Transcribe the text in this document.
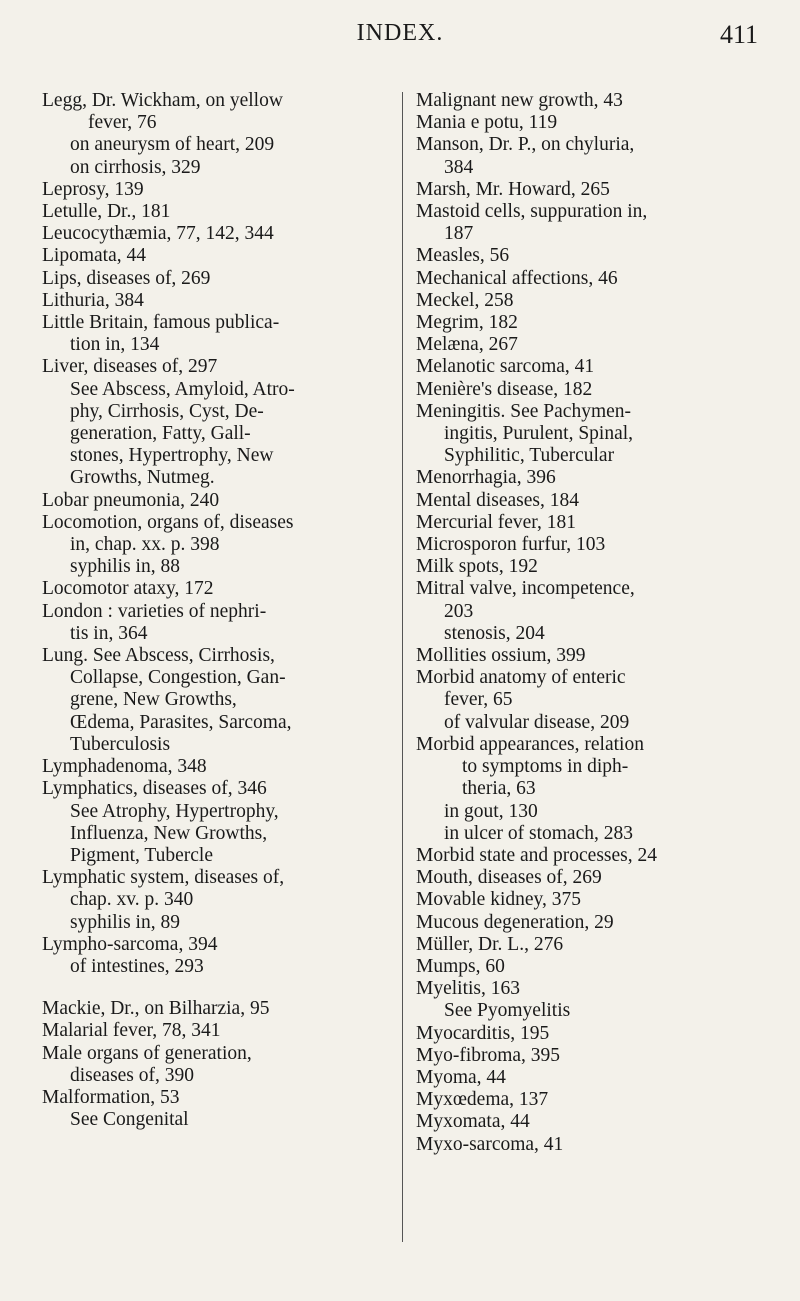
INDEX.	411
Legg, Dr. Wickham, on yellow
fever, 76
on aneurysm of heart, 209
on cirrhosis, 329
Leprosy, 139
Letulle, Dr., 181
Leucocythæmia, 77, 142, 344
Lipomata, 44
Lips, diseases of, 269
Lithuria, 384
Little Britain, famous publica-
tion in, 134
Liver, diseases of, 297
See Abscess, Amyloid, Atro-
phy, Cirrhosis, Cyst, De-
generation, Fatty, Gall-
stones, Hypertrophy, New
Growths, Nutmeg.
Lobar pneumonia, 240
Locomotion, organs of, diseases
in, chap. xx. p. 398
syphilis in, 88
Locomotor ataxy, 172
London : varieties of nephri-
tis in, 364
Lung. See Abscess, Cirrhosis,
Collapse, Congestion, Gan-
grene, New Growths,
Œdema, Parasites, Sarcoma,
Tuberculosis
Lymphadenoma, 348
Lymphatics, diseases of, 346
See Atrophy, Hypertrophy,
Influenza, New Growths,
Pigment, Tubercle
Lymphatic system, diseases of,
chap. xv. p. 340
syphilis in, 89
Lympho-sarcoma, 394
of intestines, 293
Mackie, Dr., on Bilharzia, 95
Malarial fever, 78, 341
Male organs of generation,
diseases of, 390
Malformation, 53
See Congenital
Malignant new growth, 43
Mania e potu, 119
Manson, Dr. P., on chyluria,
384
Marsh, Mr. Howard, 265
Mastoid cells, suppuration in,
187
Measles, 56
Mechanical affections, 46
Meckel, 258
Megrim, 182
Melæna, 267
Melanotic sarcoma, 41
Menière's disease, 182
Meningitis. See Pachymen-
ingitis, Purulent, Spinal,
Syphilitic, Tubercular
Menorrhagia, 396
Mental diseases, 184
Mercurial fever, 181
Microsporon furfur, 103
Milk spots, 192
Mitral valve, incompetence,
203
stenosis, 204
Mollities ossium, 399
Morbid anatomy of enteric
fever, 65
of valvular disease, 209
Morbid appearances, relation
to symptoms in diph-
theria, 63
in gout, 130
in ulcer of stomach, 283
Morbid state and processes, 24
Mouth, diseases of, 269
Movable kidney, 375
Mucous degeneration, 29
Müller, Dr. L., 276
Mumps, 60
Myelitis, 163
See Pyomyelitis
Myocarditis, 195
Myo-fibroma, 395
Myoma, 44
Myxœdema, 137
Myxomata, 44
Myxo-sarcoma, 41
